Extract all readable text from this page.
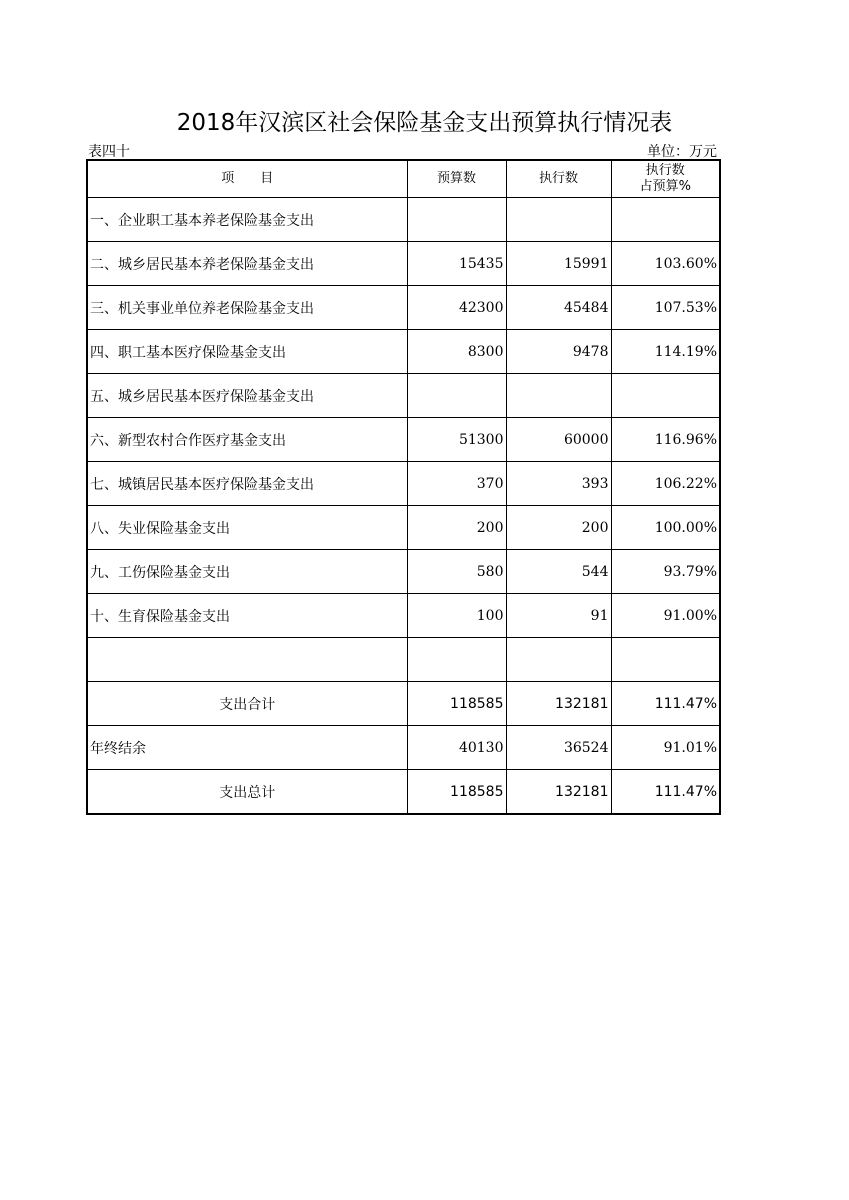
2018年汉滨区社会保险基金支出预算执行情况表
表四十	单位：万元
项　　目	预算数	执行数	执行数
占预算%

一、企业职工基本养老保险基金支出			
二、城乡居民基本养老保险基金支出	15435	15991	103.60%
三、机关事业单位养老保险基金支出	42300	45484	107.53%
四、职工基本医疗保险基金支出	8300	9478	114.19%
五、城乡居民基本医疗保险基金支出			
六、新型农村合作医疗基金支出	51300	60000	116.96%
七、城镇居民基本医疗保险基金支出	370	393	106.22%
八、失业保险基金支出	200	200	100.00%
九、工伤保险基金支出	580	544	93.79%
十、生育保险基金支出	100	91	91.00%

支出合计	118585	132181	111.47%
年终结余	40130	36524	91.01%
支出总计	118585	132181	111.47%
